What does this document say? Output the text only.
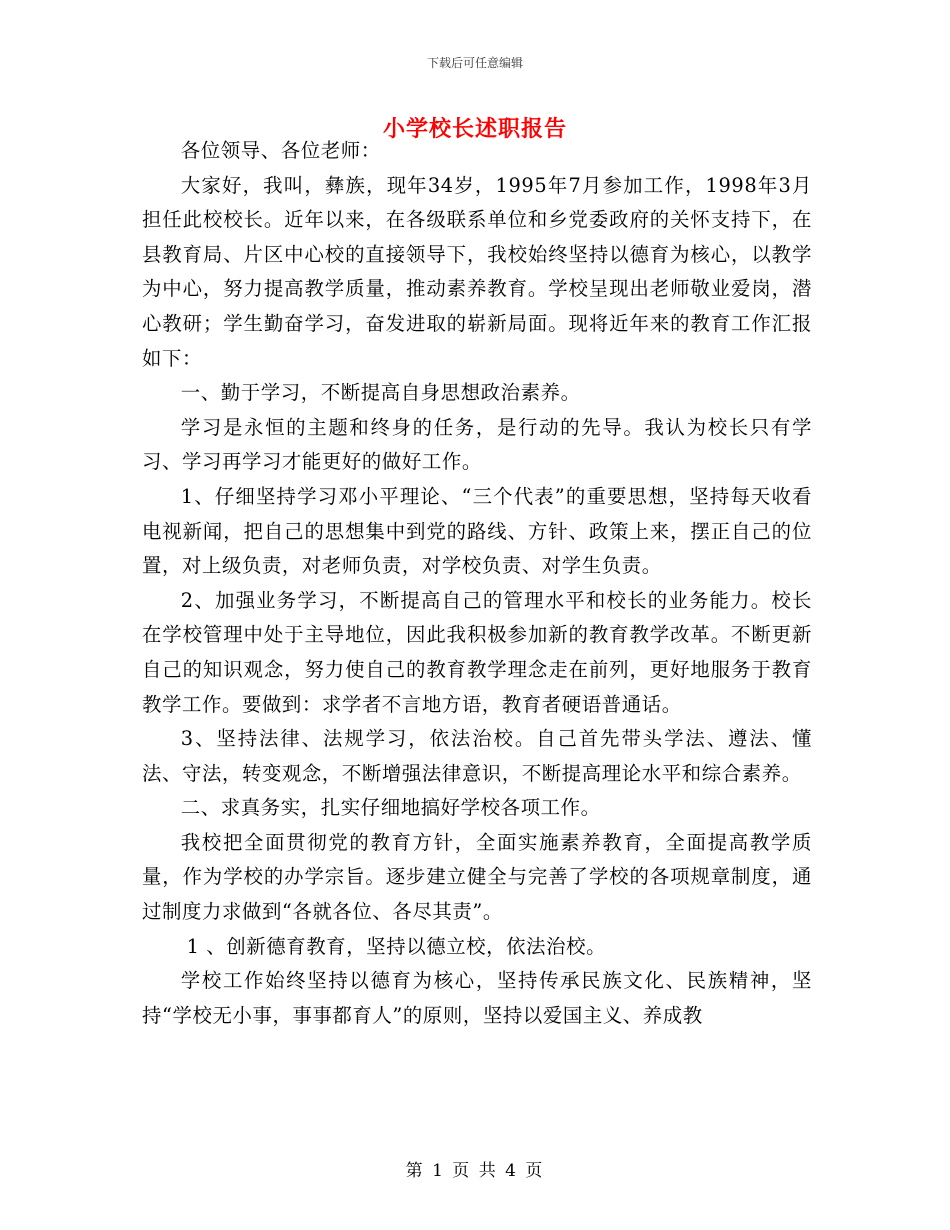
下载后可任意编辑
小学校长述职报告

各位领导、各位老师：

大家好，我叫，彝族，现年34岁，1995年7月参加工作，1998年3月担任此校校长。近年以来，在各级联系单位和乡党委政府的关怀支持下，在县教育局、片区中心校的直接领导下，我校始终坚持以德育为核心，以教学为中心，努力提高教学质量，推动素养教育。学校呈现出老师敬业爱岗，潜心教研；学生勤奋学习，奋发进取的崭新局面。现将近年来的教育工作汇报如下：

一、勤于学习，不断提高自身思想政治素养。

学习是永恒的主题和终身的任务，是行动的先导。我认为校长只有学习、学习再学习才能更好的做好工作。

1、仔细坚持学习邓小平理论、“三个代表”的重要思想，坚持每天收看电视新闻，把自己的思想集中到党的路线、方针、政策上来，摆正自己的位置，对上级负责，对老师负责，对学校负责、对学生负责。

2、加强业务学习，不断提高自己的管理水平和校长的业务能力。校长在学校管理中处于主导地位，因此我积极参加新的教育教学改革。不断更新自己的知识观念，努力使自己的教育教学理念走在前列，更好地服务于教育教学工作。要做到：求学者不言地方语，教育者硬语普通话。

3、坚持法律、法规学习，依法治校。自己首先带头学法、遵法、懂法、守法，转变观念，不断增强法律意识，不断提高理论水平和综合素养。

二、求真务实，扎实仔细地搞好学校各项工作。

我校把全面贯彻党的教育方针，全面实施素养教育，全面提高教学质量，作为学校的办学宗旨。逐步建立健全与完善了学校的各项规章制度，通过制度力求做到“各就各位、各尽其责”。

1 、创新德育教育，坚持以德立校，依法治校。

学校工作始终坚持以德育为核心，坚持传承民族文化、民族精神，坚持“学校无小事，事事都育人”的原则，坚持以爱国主义、养成教

第 1 页 共 4 页
